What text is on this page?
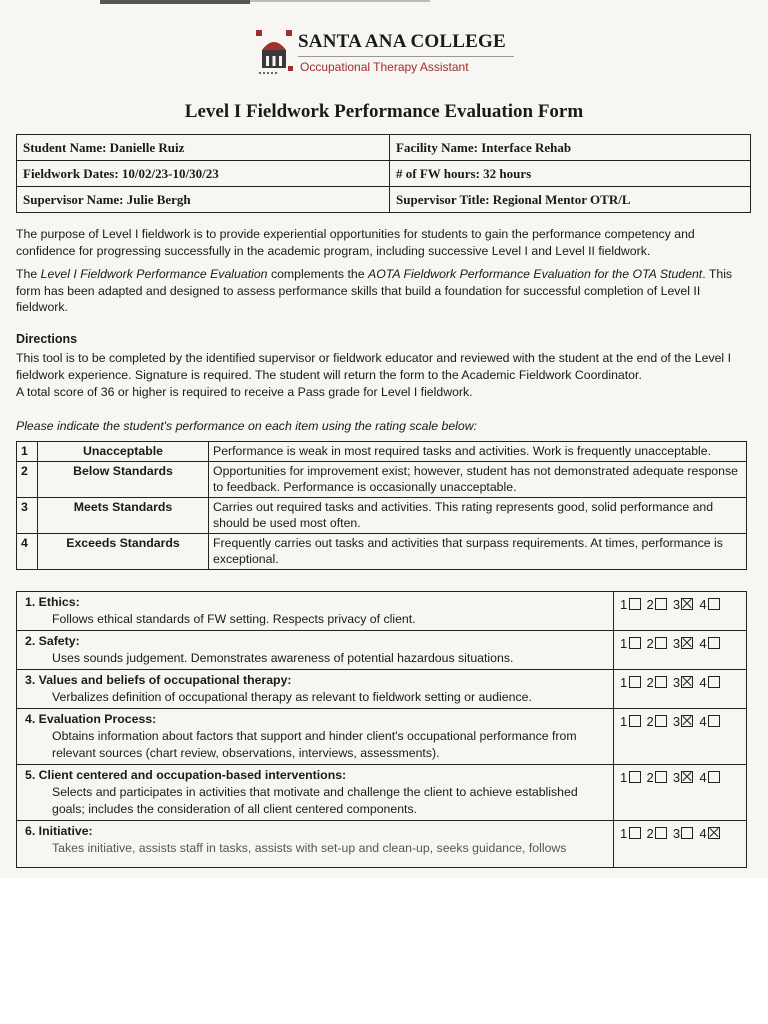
SANTA ANA COLLEGE
Occupational Therapy Assistant
Level I Fieldwork Performance Evaluation Form
Student Name: Danielle Ruiz	Facility Name: Interface Rehab
Fieldwork Dates: 10/02/23-10/30/23	# of FW hours: 32 hours
Supervisor Name: Julie Bergh	Supervisor Title: Regional Mentor OTR/L
The purpose of Level I fieldwork is to provide experiential opportunities for students to gain the performance competency and confidence for progressing successfully in the academic program, including successive Level I and Level II fieldwork.
The Level I Fieldwork Performance Evaluation complements the AOTA Fieldwork Performance Evaluation for the OTA Student. This form has been adapted and designed to assess performance skills that build a foundation for successful completion of Level II fieldwork.
Directions
This tool is to be completed by the identified supervisor or fieldwork educator and reviewed with the student at the end of the Level I fieldwork experience. Signature is required. The student will return the form to the Academic Fieldwork Coordinator.
A total score of 36 or higher is required to receive a Pass grade for Level I fieldwork.
Please indicate the student's performance on each item using the rating scale below:
1	Unacceptable	Performance is weak in most required tasks and activities. Work is frequently unacceptable.
2	Below Standards	Opportunities for improvement exist; however, student has not demonstrated adequate response to feedback. Performance is occasionally unacceptable.
3	Meets Standards	Carries out required tasks and activities. This rating represents good, solid performance and should be used most often.
4	Exceeds Standards	Frequently carries out tasks and activities that surpass requirements. At times, performance is exceptional.
1. Ethics:
Follows ethical standards of FW setting. Respects privacy of client.	1 2 3 4

2. Safety:
Uses sounds judgement. Demonstrates awareness of potential hazardous situations.	1 2 3 4

3. Values and beliefs of occupational therapy:
Verbalizes definition of occupational therapy as relevant to fieldwork setting or audience.	1 2 3 4

4. Evaluation Process:
Obtains information about factors that support and hinder client's occupational performance from relevant sources (chart review, observations, interviews, assessments).	1 2 3 4

5. Client centered and occupation-based interventions:
Selects and participates in activities that motivate and challenge the client to achieve established goals; includes the consideration of all client centered components.	1 2 3 4

6. Initiative:
Takes initiative, assists staff in tasks, assists with set-up and clean-up, seeks guidance, follows	1 2 3 4
